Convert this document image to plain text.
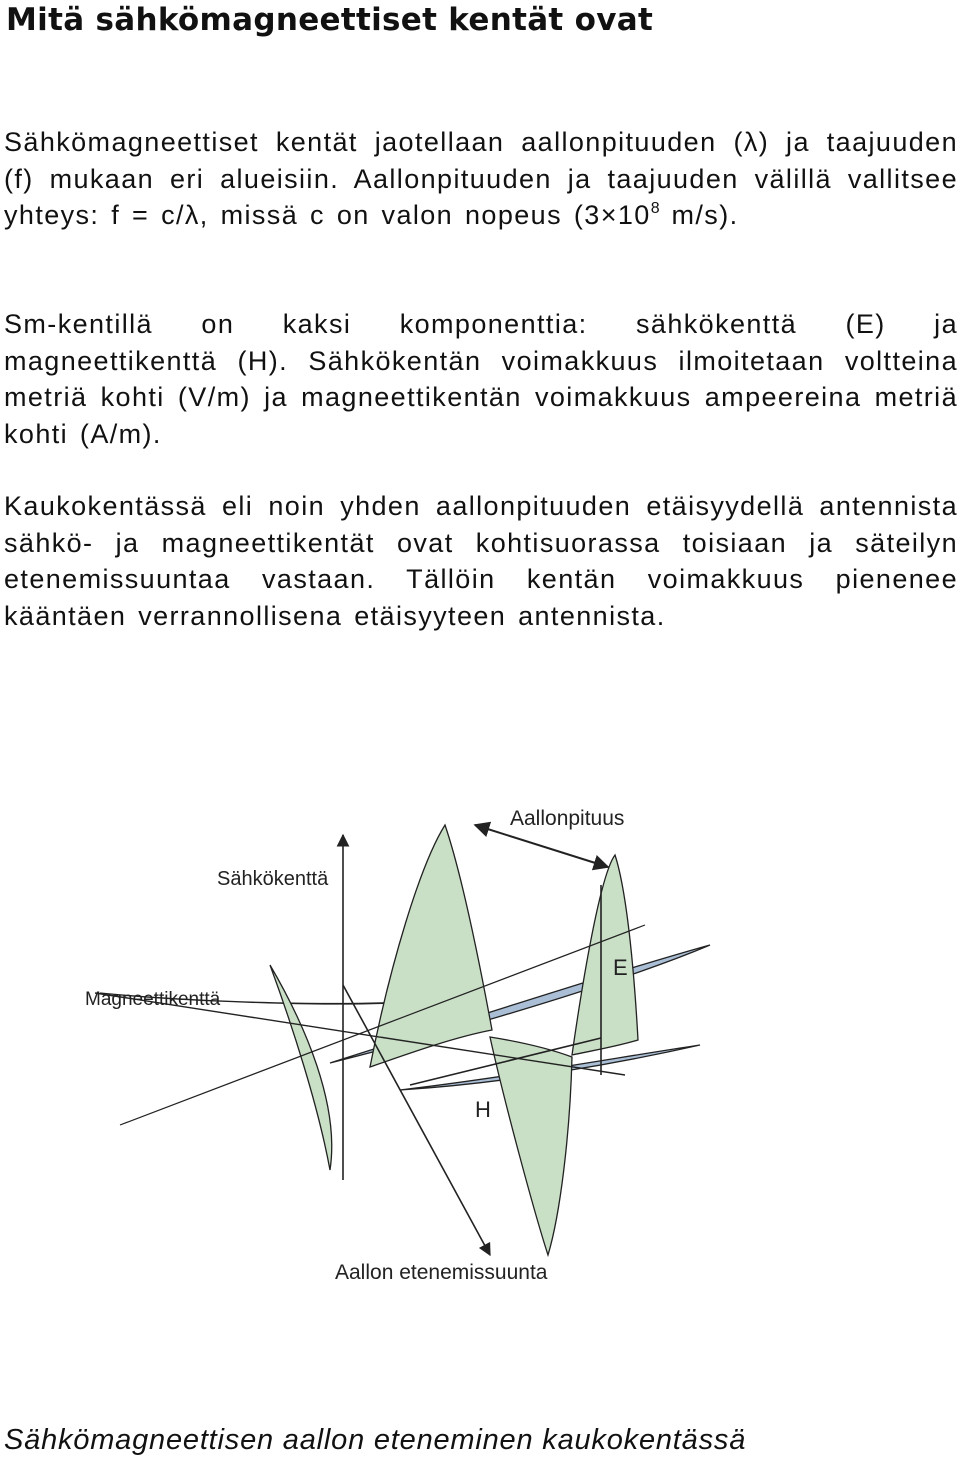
Mitä sähkömagneettiset kentät ovat

Sähkömagneettiset kentät jaotellaan aallonpituuden (λ) ja taajuuden (f) mukaan eri alueisiin. Aallonpituuden ja taajuuden välillä vallitsee yhteys: f = c/λ, missä c on valon nopeus ($3\times 10^8$ m/s).

Sm-kentillä on kaksi komponenttia: sähkökenttä (E) ja magneettikenttä (H). Sähkökentän voimakkuus ilmoitetaan voltteina metriä kohti (V/m) ja magneettikentän voimakkuus ampeereina metriä kohti (A/m).

Kaukokentässä eli noin yhden aallonpituuden etäisyydellä antennista sähkö- ja magneettikentät ovat kohtisuorassa toisiaan ja säteilyn etenemissuuntaa vastaan. Tällöin kentän voimakkuus pienenee kääntäen verrannollisena etäisyyteen antennista.

Aallonpituus
Sähkökenttä
Magneettikenttä
E
H
Aallon etenemissuunta

Sähkömagneettisen aallon eteneminen kaukokentässä
